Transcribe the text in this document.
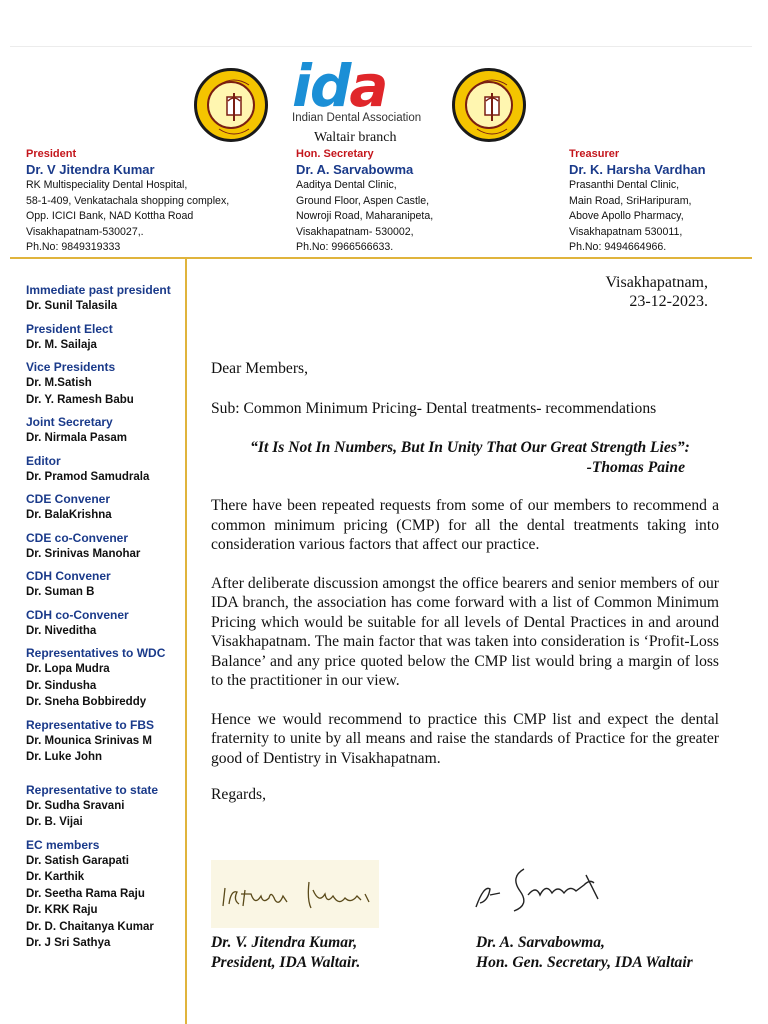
ida
Indian Dental Association
Waltair branch
President
Dr. V Jitendra Kumar
RK Multispeciality Dental Hospital,
58-1-409, Venkatachala shopping complex,
Opp. ICICI Bank, NAD Kottha Road
Visakhapatnam-530027,.
Ph.No: 9849319333
Hon. Secretary
Dr. A. Sarvabowma
Aaditya Dental Clinic,
Ground Floor, Aspen Castle,
Nowroji Road, Maharanipeta,
Visakhapatnam- 530002,
Ph.No: 9966566633.
Treasurer
Dr. K. Harsha Vardhan
Prasanthi Dental Clinic,
Main Road, SriHaripuram,
Above Apollo Pharmacy,
Visakhapatnam 530011,
Ph.No: 9494664966.
Immediate past president
Dr. Sunil Talasila
President Elect
Dr. M. Sailaja
Vice Presidents
Dr. M.Satish
Dr. Y. Ramesh Babu
Joint Secretary
Dr. Nirmala Pasam
Editor
Dr. Pramod Samudrala
CDE Convener
Dr. BalaKrishna
CDE co-Convener
Dr. Srinivas Manohar
CDH Convener
Dr. Suman B
CDH co-Convener
Dr. Niveditha
Representatives to WDC
Dr. Lopa Mudra
Dr. Sindusha
Dr. Sneha Bobbireddy
Representative to FBS
Dr. Mounica Srinivas M
Dr. Luke John
Representative to state
Dr. Sudha Sravani
Dr. B. Vijai
EC members
Dr. Satish Garapati
Dr. Karthik
Dr. Seetha Rama Raju
Dr. KRK Raju
Dr. D. Chaitanya Kumar
Dr. J Sri Sathya
Visakhapatnam,
23-12-2023.
Dear Members,
Sub: Common Minimum Pricing- Dental treatments- recommendations
“It Is Not In Numbers, But In Unity That Our Great Strength Lies”:
-Thomas Paine
There have been repeated requests from some of our members to recommend a common minimum pricing (CMP) for all the dental treatments taking into consideration various factors that affect our practice.
After deliberate discussion amongst the office bearers and senior members of our IDA branch, the association has come forward with a list of Common Minimum Pricing which would be suitable for all levels of Dental Practices in and around Visakhapatnam. The main factor that was taken into consideration is ‘Profit-Loss Balance’ and any price quoted below the CMP list would bring a margin of loss to the practitioner in our view.
Hence we would recommend to practice this CMP list and expect the dental fraternity to unite by all means and raise the standards of Practice for the greater good of Dentistry in Visakhapatnam.
Regards,
Dr. V. Jitendra Kumar,
President, IDA Waltair.
Dr. A. Sarvabowma,
Hon. Gen. Secretary, IDA Waltair
